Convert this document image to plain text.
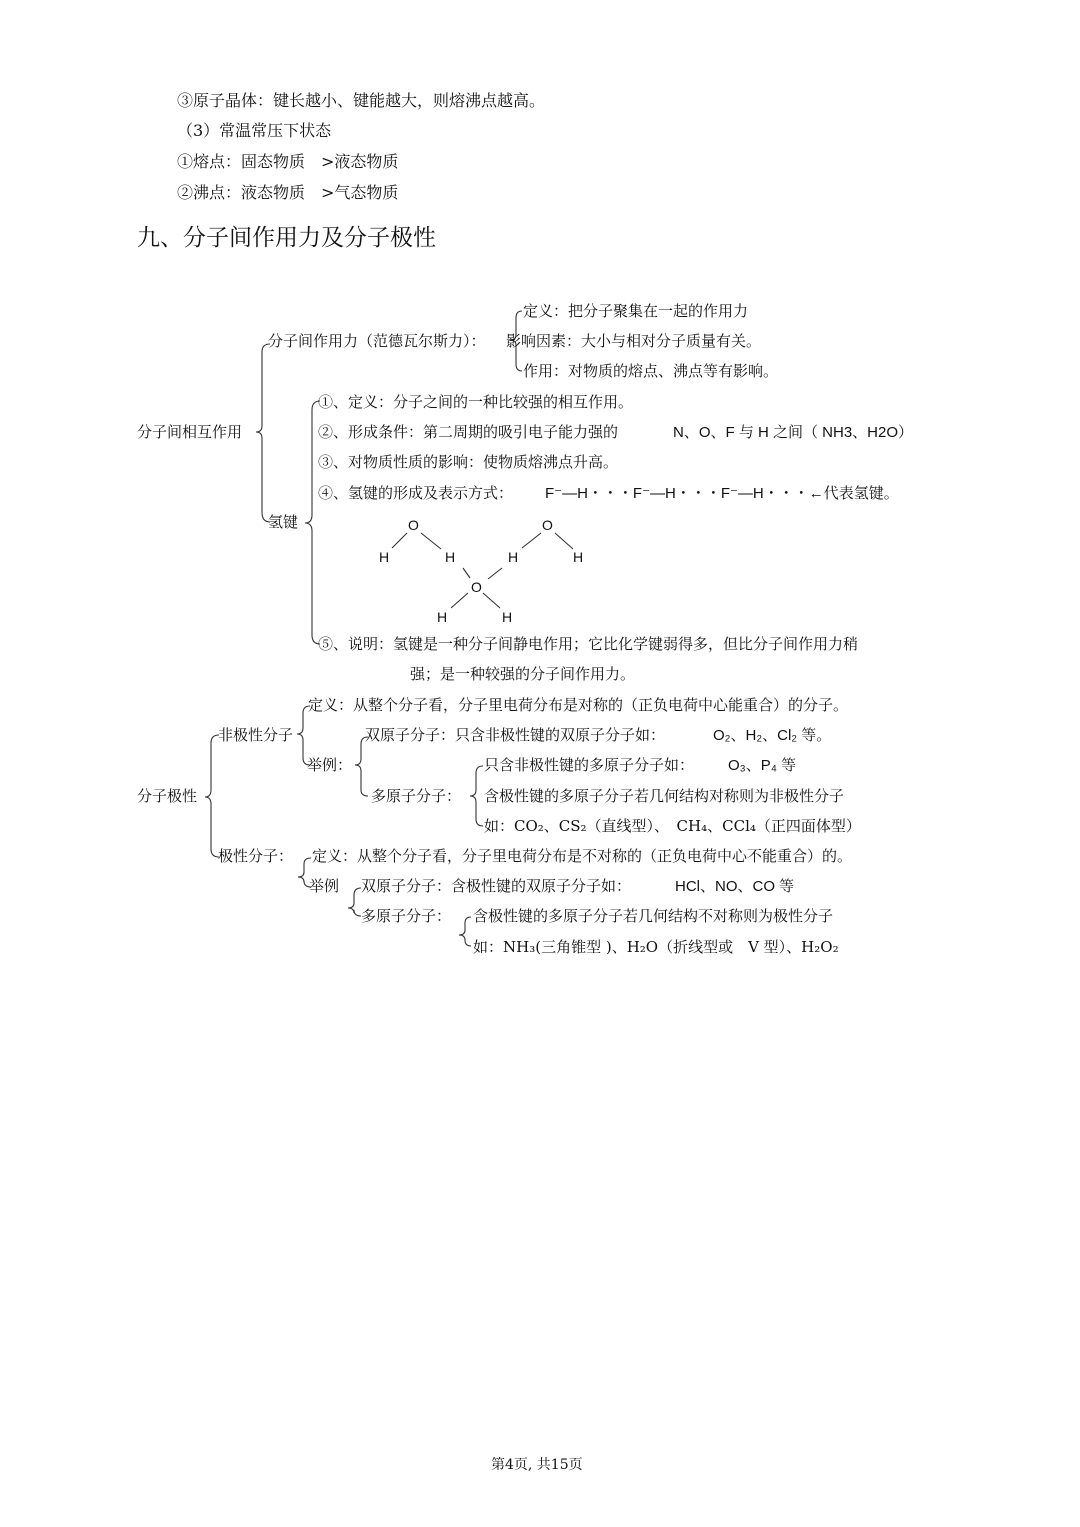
③原子晶体：键长越小、键能越大，则熔沸点越高。
（3）常温常压下状态
①熔点：固态物质　>液态物质
②沸点：液态物质　>气态物质
九、分子间作用力及分子极性
分子间相互作用
分子间作用力（范德瓦尔斯力）：
定义：把分子聚集在一起的作用力
影响因素：大小与相对分子质量有关。
作用：对物质的熔点、沸点等有影响。
氢键
①、定义：分子之间的一种比较强的相互作用。
②、形成条件：第二周期的吸引电子能力强的	N、O、F 与 H 之间（ NH3、H2O）
③、对物质性质的影响：使物质熔沸点升高。
④、氢键的形成及表示方式： F⁻—H・・・F⁻—H・・・F⁻—H・・・←代表氢键。
O	O
H	H	H	H
O
H	H
⑤、说明：氢键是一种分子间静电作用；它比化学键弱得多，但比分子间作用力稍
强；是一种较强的分子间作用力。
分子极性
非极性分子
定义：从整个分子看，分子里电荷分布是对称的（正负电荷中心能重合）的分子。
举例：
双原子分子：只含非极性键的双原子分子如：	O₂、H₂、Cl₂ 等。
多原子分子：
只含非极性键的多原子分子如： O₃、P₄ 等
含极性键的多原子分子若几何结构对称则为非极性分子
如：CO₂、CS₂（直线型）、　CH₄、CCl₄（正四面体型）
极性分子： 定义：从整个分子看，分子里电荷分布是不对称的（正负电荷中心不能重合）的。
举例 双原子分子：含极性键的双原子分子如：	HCl、NO、CO 等
多原子分子： 含极性键的多原子分子若几何结构不对称则为极性分子
如：NH₃(三角锥型 )、H₂O（折线型或　V 型）、H₂O₂
第4页, 共15页
